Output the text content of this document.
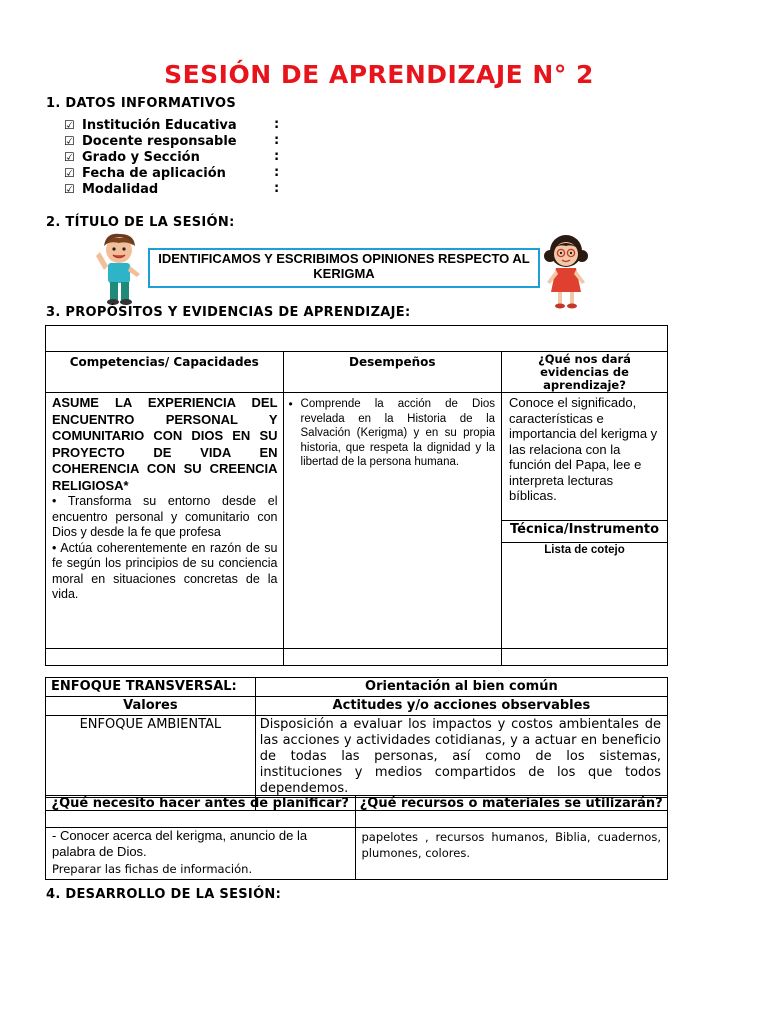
SESIÓN DE APRENDIZAJE N° 2
1. DATOS INFORMATIVOS
☑ Institución Educativa	:
☑ Docente responsable	:
☑ Grado y Sección	:
☑ Fecha de aplicación	:
☑ Modalidad	:
2. TÍTULO DE LA SESIÓN:
IDENTIFICAMOS Y ESCRIBIMOS OPINIONES RESPECTO AL
KERIGMA
3. PROPÓSITOS Y EVIDENCIAS DE APRENDIZAJE:

Competencias/ Capacidades	Desempeños	¿Qué nos dará evidencias de aprendizaje?
ASUME LA EXPERIENCIA DEL ENCUENTRO PERSONAL Y COMUNITARIO CON DIOS EN SU PROYECTO DE VIDA EN COHERENCIA CON SU CREENCIA RELIGIOSA*
• Transforma su entorno desde el encuentro personal y comunitario con Dios y desde la fe que profesa
• Actúa coherentemente en razón de su fe según los principios de su conciencia moral en situaciones concretas de la vida.	• Comprende la acción de Dios revelada en la Historia de la Salvación (Kerigma) y en su propia historia, que respeta la dignidad y la libertad de la persona humana.	Conoce el significado, características e importancia del kerigma y las relaciona con la función del Papa, lee e interpreta lecturas bíblicas.
		Técnica/Instrumento
		Lista de cotejo

ENFOQUE TRANSVERSAL:	Orientación al bien común
Valores	Actitudes y/o acciones observables
ENFOQUE AMBIENTAL	Disposición a evaluar los impactos y costos ambientales de las acciones y actividades cotidianas, y a actuar en beneficio de todas las personas, así como de los sistemas, instituciones y medios compartidos de los que todos dependemos.

¿Qué necesito hacer antes de planificar?	¿Qué recursos o materiales se utilizarán?

- Conocer acerca del kerigma, anuncio de la palabra de Dios.
Preparar las fichas de información.	papelotes , recursos humanos, Biblia, cuadernos, plumones, colores.
4. DESARROLLO DE LA SESIÓN:
